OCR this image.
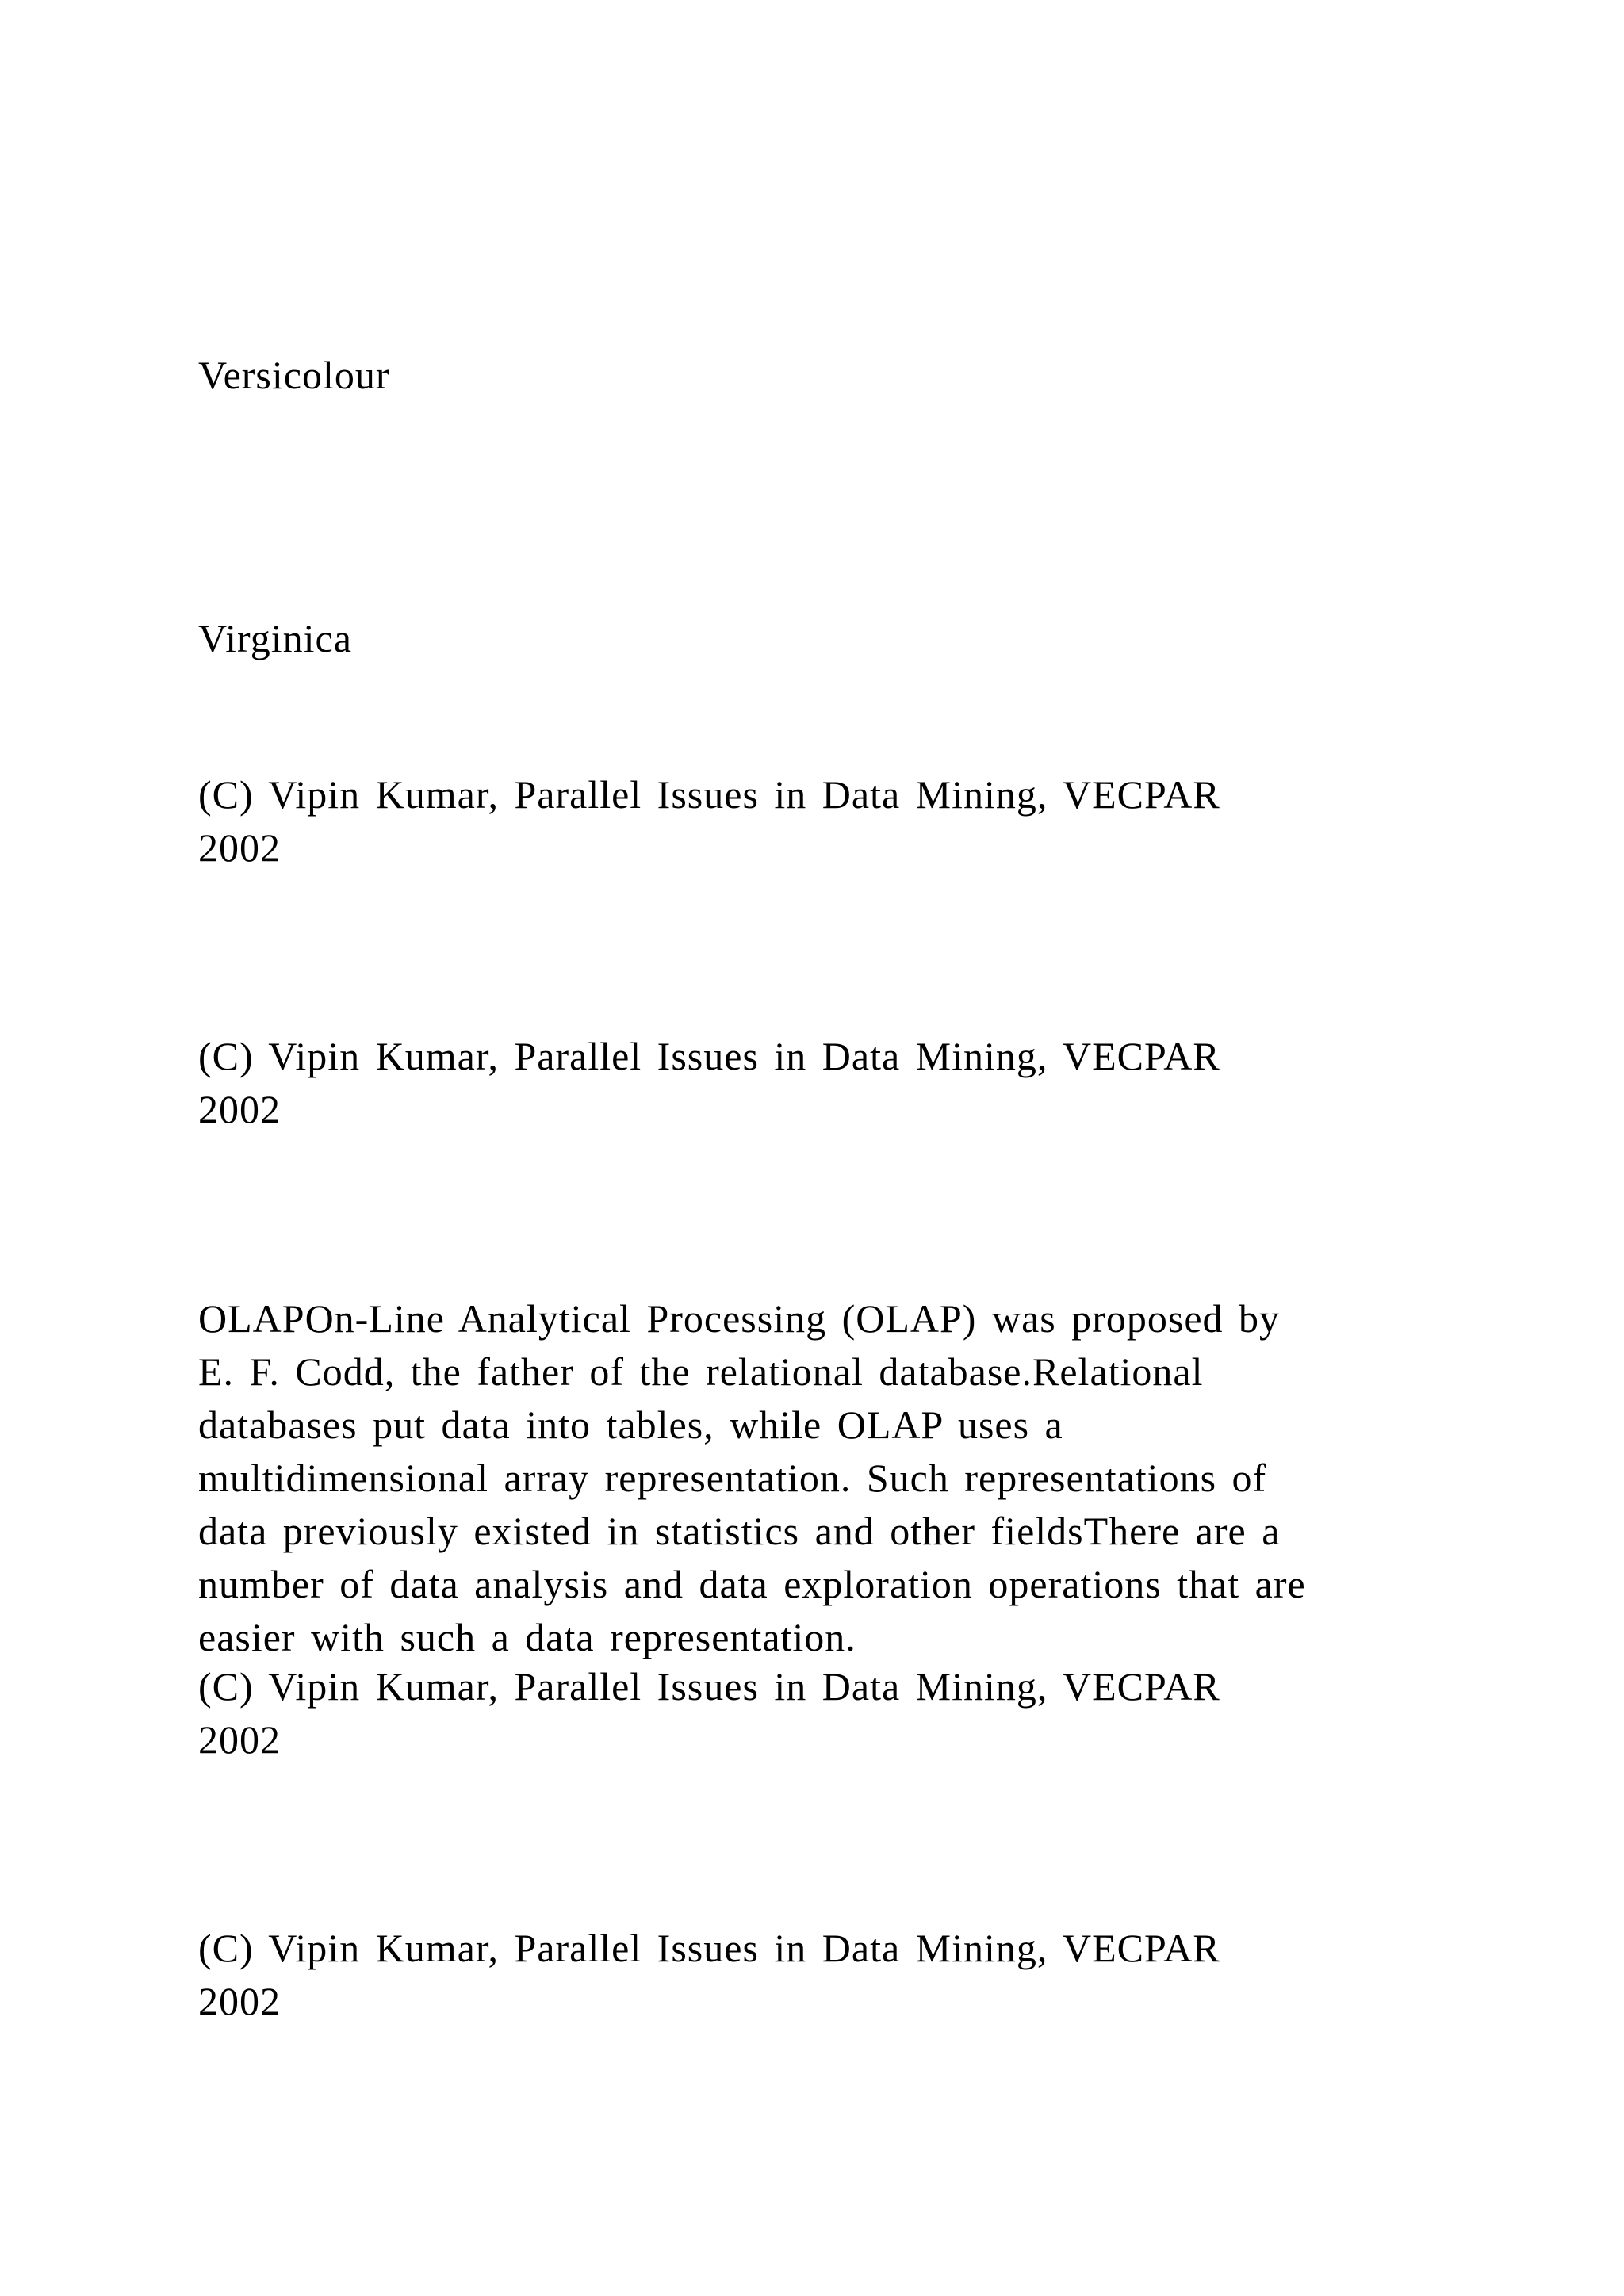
Versicolour

Virginica

(C) Vipin Kumar, Parallel Issues in Data Mining, VECPAR
2002

(C) Vipin Kumar, Parallel Issues in Data Mining, VECPAR
2002

OLAPOn-Line Analytical Processing (OLAP) was proposed by
E. F. Codd, the father of the relational database.Relational
databases put data into tables, while OLAP uses a
multidimensional array representation. Such representations of
data previously existed in statistics and other fieldsThere are a
number of data analysis and data exploration operations that are
easier with such a data representation.

(C) Vipin Kumar, Parallel Issues in Data Mining, VECPAR
2002

(C) Vipin Kumar, Parallel Issues in Data Mining, VECPAR
2002
